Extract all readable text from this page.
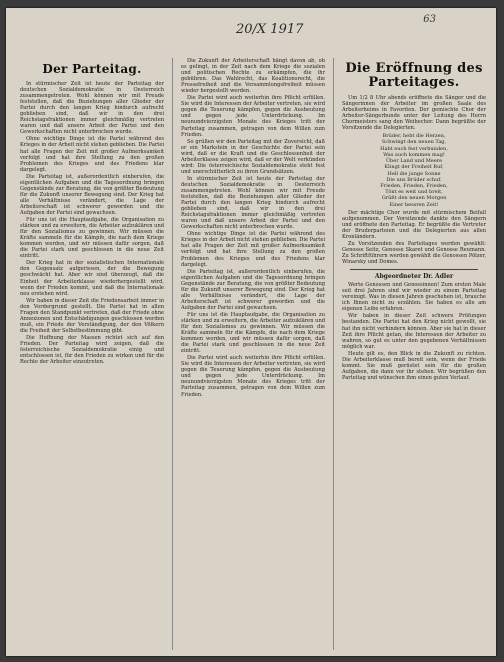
20/X 1917
63
Der Parteitag.

In stürmischer Zeit ist heute der Parteitag der deutschen Sozialdemokratie in Oesterreich zusammengetreten. Wohl können wir mit Freude feststellen, daß die Beziehungen aller Glieder der Partei durch den langen Krieg hindurch aufrecht geblieben sind, daß wir in den drei Reichstagsfraktionen immer gleichmäßig vertreten waren und daß unsere Arbeit der Partei und den Gewerkschaften nicht unterbrochen wurde.

Ohne wichtige Dinge ist die Partei während des Krieges in der Arbeit nicht stehen geblieben. Die Partei hat alle Fragen der Zeit mit großer Aufmerksamkeit verfolgt und hat ihre Stellung zu den großen Problemen des Krieges und des Friedens klar dargelegt.

Die Parteitag ist, außerordentlich einberufen, die eigentlichen Aufgaben und die Tagesordnung bringen Gegenstände zur Beratung, die von größter Bedeutung für die Zukunft unserer Bewegung sind. Der Krieg hat alle Verhältnisse verändert, die Lage der Arbeiterschaft ist schwerer geworden und die Aufgaben der Partei sind gewachsen.

Für uns ist die Hauptaufgabe, die Organisation zu stärken und zu erweitern, die Arbeiter aufzuklären und für den Sozialismus zu gewinnen. Wir müssen die Kräfte sammeln für die Kämpfe, die nach dem Kriege kommen werden, und wir müssen dafür sorgen, daß die Partei stark und geschlossen in die neue Zeit eintritt.

Der Krieg hat in der sozialistischen Internationale den Gegensatz aufgerissen, der die Bewegung geschwächt hat. Aber wir sind überzeugt, daß die Einheit der Arbeiterklasse wiederhergestellt wird, wenn der Frieden kommt, und daß die Internationale neu erstehen wird.

Wir haben in dieser Zeit die Friedensarbeit immer in den Vordergrund gestellt. Die Partei hat in allen Fragen den Standpunkt vertreten, daß der Friede ohne Annexionen und Entschädigungen geschlossen werden muß, ein Friede der Verständigung, der den Völkern die Freiheit der Selbstbestimmung gibt.

Die Hoffnung der Massen richtet sich auf den Frieden. Der Parteitag wird zeigen, daß die österreichische Sozialdemokratie einig und entschlossen ist, für den Frieden zu wirken und für die Rechte der Arbeiter einzutreten.

Die Zukunft der Arbeiterschaft hängt davon ab, ob es gelingt, in der Zeit nach dem Kriege die sozialen und politischen Rechte zu erkämpfen, die ihr gebühren. Das Wahlrecht, das Koalitionsrecht, die Pressefreiheit und die Versammlungsfreiheit müssen wieder hergestellt werden.

Die Partei wird auch weiterhin ihre Pflicht erfüllen. Sie wird die Interessen der Arbeiter vertreten, sie wird gegen die Teuerung kämpfen, gegen die Ausbeutung und gegen jede Unterdrückung. Im neunundvierzigsten Monate des Krieges tritt der Parteitag zusammen, getragen von dem Willen zum Frieden.

So grüßen wir den Parteitag mit der Zuversicht, daß er ein Markstein in der Geschichte der Partei sein wird, daß er die Kraft und die Geschlossenheit der Arbeiterklasse zeigen wird, daß er der Welt verkünden wird: Die österreichische Sozialdemokratie steht fest und unerschütterlich zu ihren Grundsätzen.

In stürmischer Zeit ist heute der Parteitag der deutschen Sozialdemokratie in Oesterreich zusammengetreten. Wohl können wir mit Freude feststellen, daß die Beziehungen aller Glieder der Partei durch den langen Krieg hindurch aufrecht geblieben sind, daß wir in den drei Reichstagsfraktionen immer gleichmäßig vertreten waren und daß unsere Arbeit der Partei und den Gewerkschaften nicht unterbrochen wurde.

Ohne wichtige Dinge ist die Partei während des Krieges in der Arbeit nicht stehen geblieben. Die Partei hat alle Fragen der Zeit mit großer Aufmerksamkeit verfolgt und hat ihre Stellung zu den großen Problemen des Krieges und des Friedens klar dargelegt.

Die Parteitag ist, außerordentlich einberufen, die eigentlichen Aufgaben und die Tagesordnung bringen Gegenstände zur Beratung, die von größter Bedeutung für die Zukunft unserer Bewegung sind. Der Krieg hat alle Verhältnisse verändert, die Lage der Arbeiterschaft ist schwerer geworden und die Aufgaben der Partei sind gewachsen.

Für uns ist die Hauptaufgabe, die Organisation zu stärken und zu erweitern, die Arbeiter aufzuklären und für den Sozialismus zu gewinnen. Wir müssen die Kräfte sammeln für die Kämpfe, die nach dem Kriege kommen werden, und wir müssen dafür sorgen, daß die Partei stark und geschlossen in die neue Zeit eintritt.

Die Partei wird auch weiterhin ihre Pflicht erfüllen. Sie wird die Interessen der Arbeiter vertreten, sie wird gegen die Teuerung kämpfen, gegen die Ausbeutung und gegen jede Unterdrückung. Im neunundvierzigsten Monate des Krieges tritt der Parteitag zusammen, getragen von dem Willen zum Frieden.

Die Eröffnung des Parteitages.

Um 1/2 8 Uhr abends eröffnete die Sänger und die Sängerinnen der Arbeiter im großen Saale des Arbeiterheims in Favoriten. Der gemischte Chor der Arbeiter-Sängerbunde unter der Leitung des Herrn Chormeisters sang den Weihechor. Dann begrüßte der Vorsitzende die Delegierten.

Brüder, hebt die Herzen,
Schwingt den neuen Tag,
Habt euch fest verbunden,
Was auch kommen mag!
Über Land und Meere
Klingt der Freiheit Ruf,
Hell die junge Sonne
Die uns Brüder schuf.
Frieden, Frieden, Frieden,
Tönt es weit und breit,
Grüßt den neuen Morgen
Einer bessren Zeit!

Der mächtige Chor wurde mit stürmischem Beifall aufgenommen. Der Vorsitzende dankte den Sängern und eröffnete den Parteitag. Er begrüßte die Vertreter der Bruderparteien und die Delegierten aus allen Kronländern.

Zu Vorsitzenden des Parteitages werden gewählt: Genosse Seitz, Genosse Skaret und Genosse Reumann. Zu Schriftführern werden gewählt die Genossen Pölzer, Winarsky und Domes.

Abgeordneter Dr. Adler

Werte Genossen und Genossinnen! Zum ersten Male seit drei Jahren sind wir wieder zu einem Parteitag vereinigt. Was in diesen Jahren geschehen ist, brauche ich Ihnen nicht zu erzählen. Sie haben es alle am eigenen Leibe erfahren.

Wir haben in dieser Zeit schwere Prüfungen bestanden. Die Partei hat den Krieg nicht gewollt, sie hat ihn nicht verhindern können. Aber sie hat in dieser Zeit ihre Pflicht getan, die Interessen der Arbeiter zu wahren, so gut es unter den gegebenen Verhältnissen möglich war.

Heute gilt es, den Blick in die Zukunft zu richten. Die Arbeiterklasse muß bereit sein, wenn der Friede kommt. Sie muß gerüstet sein für die großen Aufgaben, die dann vor ihr stehen. Wir begrüßen den Parteitag und wünschen ihm einen guten Verlauf.
